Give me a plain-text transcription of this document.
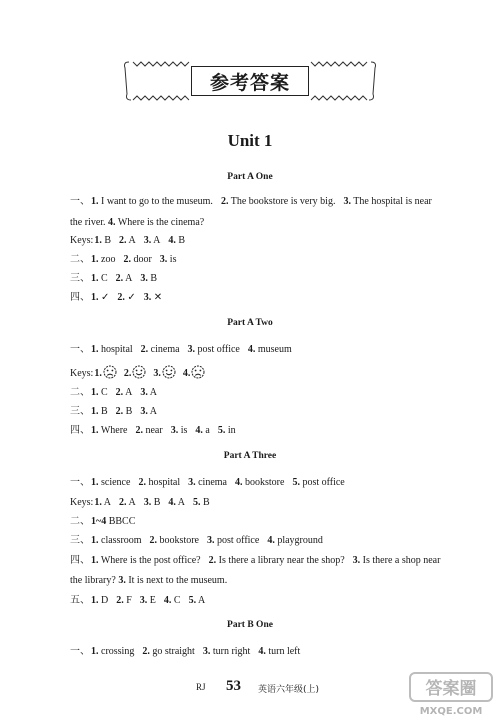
参考答案
Unit 1
Part A One
一、1. I want to go to the museum. 2. The bookstore is very big. 3. The hospital is near
the river. 4. Where is the cinema?
Keys:1. B 2. A 3. A 4. B
二、1. zoo 2. door 3. is
三、1. C 2. A 3. B
四、1. ✓ 2. ✓ 3. ✕
Part A Two
一、1. hospital 2. cinema 3. post office 4. museum
Keys:1. 2. 3. 4.
二、1. C 2. A 3. A
三、1. B 2. B 3. A
四、1. Where 2. near 3. is 4. a 5. in
Part A Three
一、1. science 2. hospital 3. cinema 4. bookstore 5. post office
Keys:1. A 2. A 3. B 4. A 5. B
二、1~4 BBCC
三、1. classroom 2. bookstore 3. post office 4. playground
四、1. Where is the post office? 2. Is there a library near the shop? 3. Is there a shop near
the library? 3. It is next to the museum.
五、1. D 2. F 3. E 4. C 5. A
Part B One
一、1. crossing 2. go straight 3. turn right 4. turn left
RJ 53 英语六年级(上)	答案圈
MXQE.COM
